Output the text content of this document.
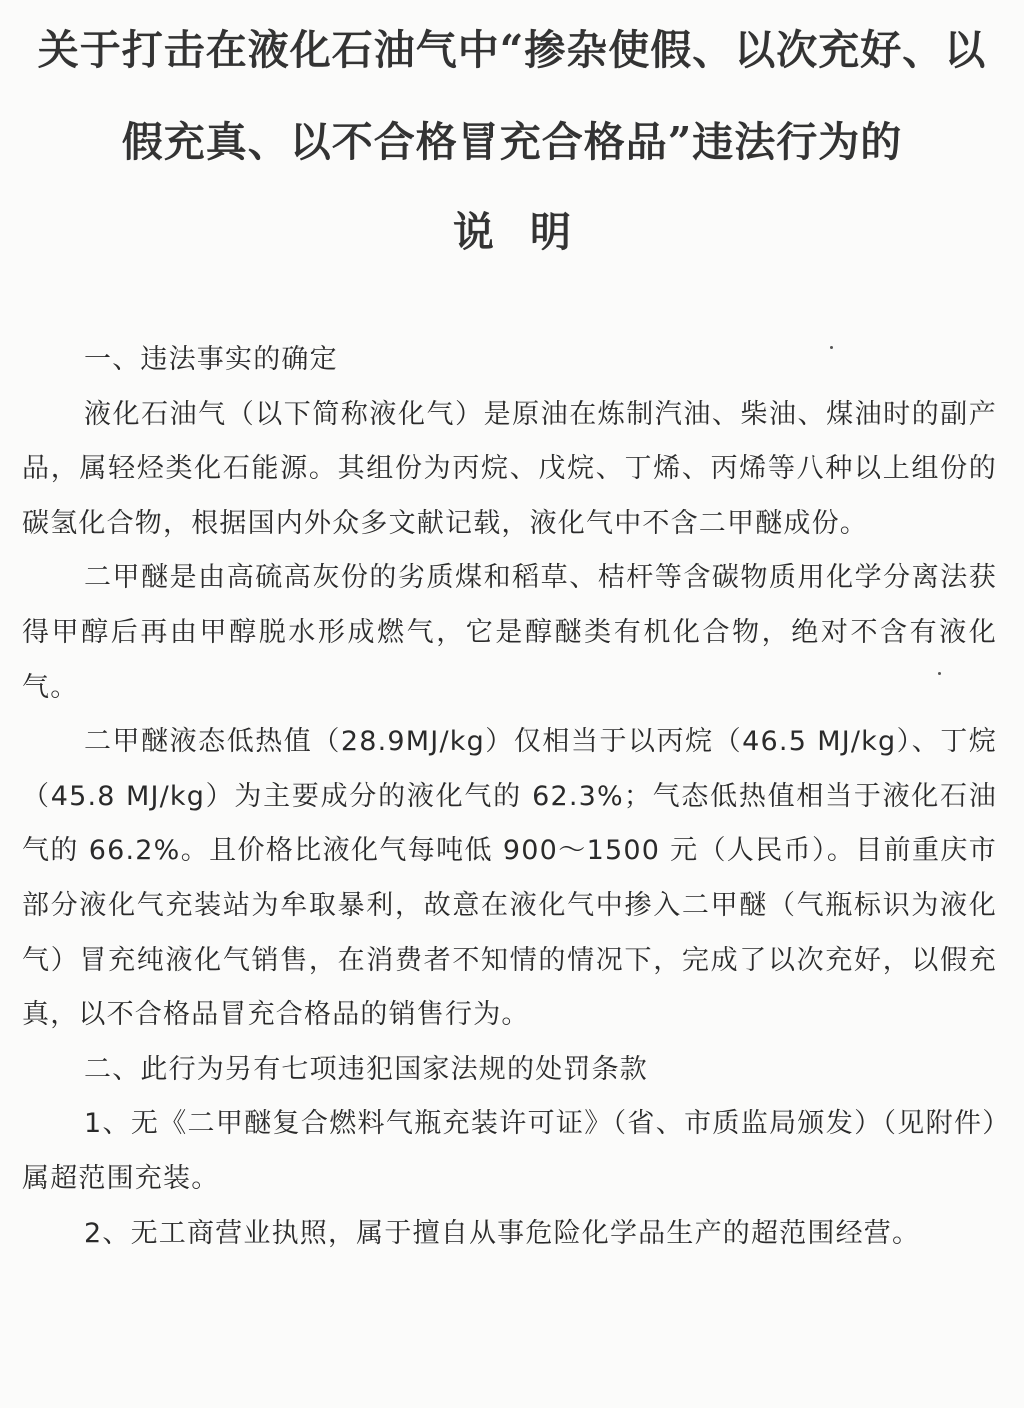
关于打击在液化石油气中“掺杂使假、以次充好、以
假充真、以不合格冒充合格品”违法行为的
说明

一、违法事实的确定

液化石油气（以下简称液化气）是原油在炼制汽油、柴油、煤油时的副产品，属轻烃类化石能源。其组份为丙烷、戊烷、丁烯、丙烯等八种以上组份的碳氢化合物，根据国内外众多文献记载，液化气中不含二甲醚成份。

二甲醚是由高硫高灰份的劣质煤和稻草、桔杆等含碳物质用化学分离法获得甲醇后再由甲醇脱水形成燃气，它是醇醚类有机化合物，绝对不含有液化气。

二甲醚液态低热值（28.9MJ/kg）仅相当于以丙烷（46.5 MJ/kg）、丁烷（45.8 MJ/kg）为主要成分的液化气的 62.3%；气态低热值相当于液化石油气的 66.2%。且价格比液化气每吨低 900～1500 元（人民币）。目前重庆市部分液化气充装站为牟取暴利，故意在液化气中掺入二甲醚（气瓶标识为液化气）冒充纯液化气销售，在消费者不知情的情况下，完成了以次充好，以假充真，以不合格品冒充合格品的销售行为。

二、此行为另有七项违犯国家法规的处罚条款

1、无《二甲醚复合燃料气瓶充装许可证》（省、市质监局颁发）（见附件）属超范围充装。

2、无工商营业执照，属于擅自从事危险化学品生产的超范围经营。
